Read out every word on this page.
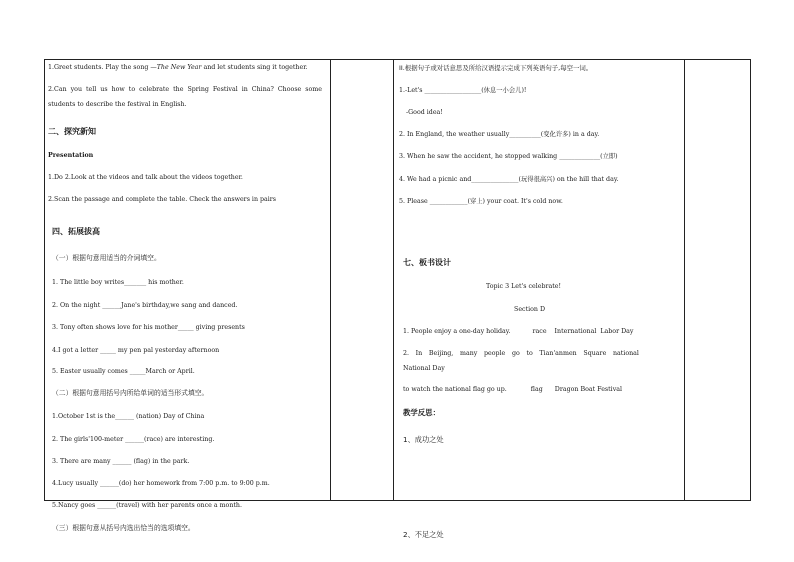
1.Greet students. Play the song —The New Year and let students sing it together.
2.Can you tell us how to celebrate the Spring Festival in China? Choose some
students to describe the festival in English.
二、探究新知
Presentation
1.Do 2.Look at the videos and talk about the videos together.
2.Scan the passage and complete the table. Check the answers in pairs
四、拓展拔高
（一）根据句意用适当的介词填空。
1. The little boy writes_______ his mother.
2. On the night ______Jane's birthday,we sang and danced.
3. Tony often shows love for his mother_____ giving presents
4.I got a letter _____ my pen pal yesterday afternoon
5. Easter usually comes _____March or April.
（二）根据句意用括号内所给单词的适当形式填空。
1.October 1st is the______ (nation) Day of China
2. The girls'100-meter ______(race) are interesting.
3. There are many ______ (flag) in the park.
4.Lucy usually ______(do) her homework from 7:00 p.m. to 9:00 p.m.
5.Nancy goes ______(travel) with her parents once a month.
（三）根据句意从括号内选出恰当的选项填空。
II.根据句子或对话意思及所给汉语提示完成下列英语句子,每空一词。
1.-Let's __________________(休息一小会儿)!
-Good idea!
2. In England, the weather usually__________(变化许多) in a day.
3. When he saw the accident, he stopped walking _____________(立即)
4. We had a picnic and_______________(玩得很高兴) on the hill that day.
5. Please ____________(穿上) your coat. It's cold now.
七、板书设计
Topic 3 Let's celebrate!
Section D
1. People enjoy a one-day holiday.           race    International  Labor Day
2. In Beijing, many people go to Tian'anmen Square national
National Day
to watch the national flag go up.            flag      Dragon Boat Festival
教学反思：
1、成功之处
2、不足之处
